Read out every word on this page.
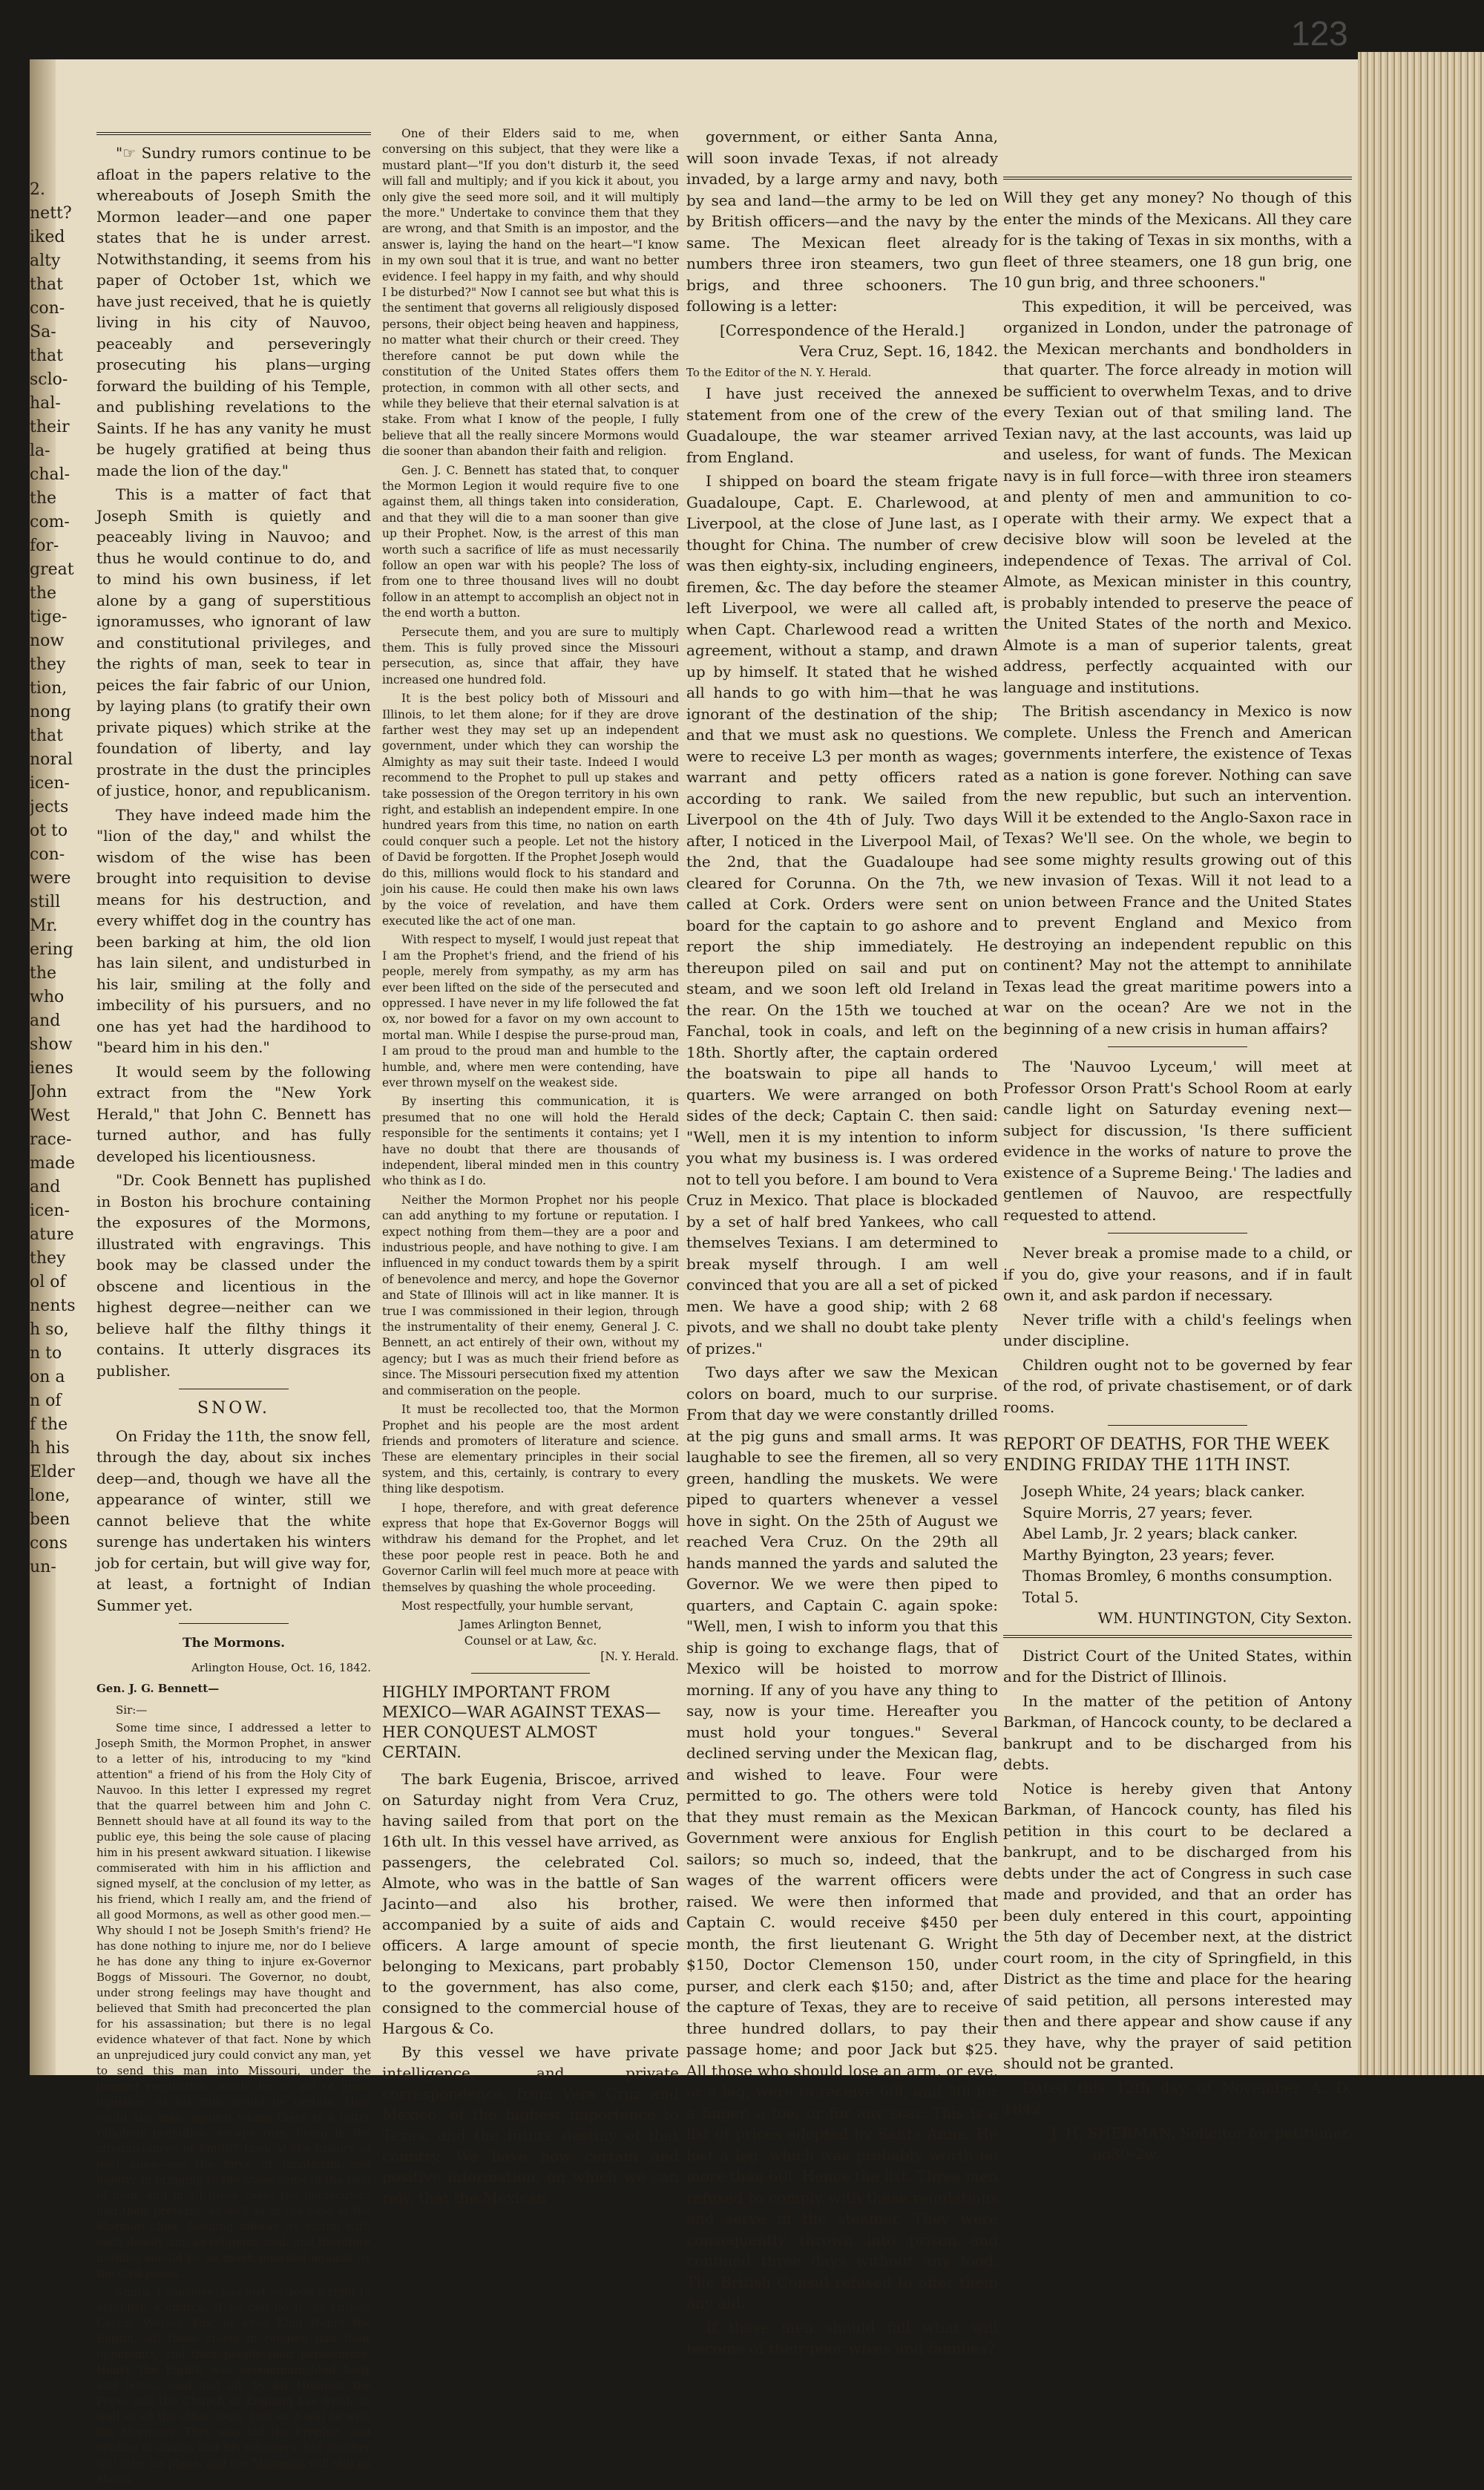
2.
nett?
iked
alty
that
con-
Sa-
that
sclo-
hal-
their
la-
chal-
the
com-
for-
great
the
tige-
now
they
tion,
nong
that
noral
icen-
jects
ot to
con-
were
still
Mr.
ering
the
who
and
show
ienes
John
West
race-
made
and
icen-
ature
they
ol of
nents
h so,
n to
on a
n of
f the
h his
Elder
lone,
been
cons
un-

"☞ Sundry rumors continue to be afloat in the papers relative to the whereabouts of Joseph Smith the Mormon leader—and one paper states that he is under arrest. Notwithstanding, it seems from his paper of October 1st, which we have just received, that he is quietly living in his city of Nauvoo, peaceably and perseveringly prosecuting his plans—urging forward the building of his Temple, and publishing revelations to the Saints. If he has any vanity he must be hugely gratified at being thus made the lion of the day."

This is a matter of fact that Joseph Smith is quietly and peaceably living in Nauvoo; and thus he would continue to do, and to mind his own business, if let alone by a gang of superstitious ignoramusses, who ignorant of law and constitutional privileges, and the rights of man, seek to tear in peices the fair fabric of our Union, by laying plans (to gratify their own private piques) which strike at the foundation of liberty, and lay prostrate in the dust the principles of justice, honor, and republicanism.

They have indeed made him the "lion of the day," and whilst the wisdom of the wise has been brought into requisition to devise means for his destruction, and every whiffet dog in the country has been barking at him, the old lion has lain silent, and undisturbed in his lair, smiling at the folly and imbecility of his pursuers, and no one has yet had the hardihood to "beard him in his den."

It would seem by the following extract from the "New York Herald," that John C. Bennett has turned author, and has fully developed his licentiousness.

"Dr. Cook Bennett has puplished in Boston his brochure containing the exposures of the Mormons, illustrated with engravings. This book may be classed under the obscene and licentious in the highest degree—neither can we believe half the filthy things it contains. It utterly disgraces its publisher.

SNOW.

On Friday the 11th, the snow fell, through the day, about six inches deep—and, though we have all the appearance of winter, still we cannot believe that the white surenge has undertaken his winters job for certain, but will give way for, at least, a fortnight of Indian Summer yet.

The Mormons.
Arlington House, Oct. 16, 1842.
Gen. J. G. Bennett—
Sir:—

Some time since, I addressed a letter to Joseph Smith, the Mormon Prophet, in answer to a letter of his, introducing to my "kind attention" a friend of his from the Holy City of Nauvoo. In this letter I expressed my regret that the quarrel between him and John C. Bennett should have at all found its way to the public eye, this being the sole cause of placing him in his present awkward situation. I likewise commiserated with him in his affliction and signed myself, at the conclusion of my letter, as his friend, which I really am, and the friend of all good Mormons, as well as other good men.—Why should I not be Joseph Smith's friend? He has done nothing to injure me, nor do I believe he has done any thing to injure ex-Governor Boggs of Missouri. The Governor, no doubt, under strong feelings may have thought and believed that Smith had preconcerted the plan for his assassination; but there is no legal evidence whatever of that fact. None by which an unprejudiced jury could convict any man, yet to send this man into Missouri, under the present requisition, would be an act of great injustice, as his ruin would be certain. How could any man, against whom there is a bitter religious prejudice, escape ruin, being in the circumstances of Smith? Look at the history of past ages—see the force of fanaticism and bigotry in bringing to the stake some of the best of men; and in all these cases the persecutors had their pretexts, as well as in the case of the Mormon chief. Nothing follows its victim with such deadly aim as religious zeal, and therefore nothing should be so much guarded against by the civil power.

Smith, I conceive, has just as good a right to establish a church, if he can do it, as Luther, Calvin, Wesley, Fox, or even King Henry the Eighth. All these chiefs in religion had their opponents, and their people their persecutors. Henry the Eighth was excommunicated body and bones, soul and all, by his Holiness the Pope; still the Church of England has lived, as well as all the other sects. Just so it will be with the Mormons. They may kill the Prophet, and confine in chains half his followers, but another will take his place, and the Mormons will still go ahead.

One of their Elders said to me, when conversing on this subject, that they were like a mustard plant—"If you don't disturb it, the seed will fall and multiply; and if you kick it about, you only give the seed more soil, and it will multiply the more." Undertake to convince them that they are wrong, and that Smith is an impostor, and the answer is, laying the hand on the heart—"I know in my own soul that it is true, and want no better evidence. I feel happy in my faith, and why should I be disturbed?" Now I cannot see but what this is the sentiment that governs all religiously disposed persons, their object being heaven and happiness, no matter what their church or their creed. They therefore cannot be put down while the constitution of the United States offers them protection, in common with all other sects, and while they believe that their eternal salvation is at stake. From what I know of the people, I fully believe that all the really sincere Mormons would die sooner than abandon their faith and religion.

Gen. J. C. Bennett has stated that, to conquer the Mormon Legion it would require five to one against them, all things taken into consideration, and that they will die to a man sooner than give up their Prophet. Now, is the arrest of this man worth such a sacrifice of life as must necessarily follow an open war with his people? The loss of from one to three thousand lives will no doubt follow in an attempt to accomplish an object not in the end worth a button.

Persecute them, and you are sure to multiply them. This is fully proved since the Missouri persecution, as, since that affair, they have increased one hundred fold.

It is the best policy both of Missouri and Illinois, to let them alone; for if they are drove farther west they may set up an independent government, under which they can worship the Almighty as may suit their taste. Indeed I would recommend to the Prophet to pull up stakes and take possession of the Oregon territory in his own right, and establish an independent empire. In one hundred years from this time, no nation on earth could conquer such a people. Let not the history of David be forgotten. If the Prophet Joseph would do this, millions would flock to his standard and join his cause. He could then make his own laws by the voice of revelation, and have them executed like the act of one man.

With respect to myself, I would just repeat that I am the Prophet's friend, and the friend of his people, merely from sympathy, as my arm has ever been lifted on the side of the persecuted and oppressed. I have never in my life followed the fat ox, nor bowed for a favor on my own account to mortal man. While I despise the purse-proud man, I am proud to the proud man and humble to the humble, and, where men were contending, have ever thrown myself on the weakest side.

By inserting this communication, it is presumed that no one will hold the Herald responsible for the sentiments it contains; yet I have no doubt that there are thousands of independent, liberal minded men in this country who think as I do.

Neither the Mormon Prophet nor his people can add anything to my fortune or reputation. I expect nothing from them—they are a poor and industrious people, and have nothing to give. I am influenced in my conduct towards them by a spirit of benevolence and mercy, and hope the Governor and State of Illinois will act in like manner. It is true I was commissioned in their legion, through the instrumentality of their enemy, General J. C. Bennett, an act entirely of their own, without my agency; but I was as much their friend before as since. The Missouri persecution fixed my attention and commiseration on the people.

It must be recollected too, that the Mormon Prophet and his people are the most ardent friends and promoters of literature and science. These are elementary principles in their social system, and this, certainly, is contrary to every thing like despotism.

I hope, therefore, and with great deference express that hope that Ex-Governor Boggs will withdraw his demand for the Prophet, and let these poor people rest in peace. Both he and Governor Carlin will feel much more at peace with themselves by quashing the whole proceeding.

Most respectfully, your humble servant,

James Arlington Bennet,
Counsel or at Law, &c.
[N. Y. Herald.
HIGHLY IMPORTANT FROM MEXICO—WAR AGAINST TEXAS—HER CONQUEST ALMOST CERTAIN.

The bark Eugenia, Briscoe, arrived on Saturday night from Vera Cruz, having sailed from that port on the 16th ult. In this vessel have arrived, as passengers, the celebrated Col. Almote, who was in the battle of San Jacinto—and also his brother, accompanied by a suite of aids and officers. A large amount of specie belonging to Mexicans, part probably to the government, has also come, consigned to the commercial house of Hargous & Co.

By this vessel we have private intelligence, and private correspondence, from Vera Cruz and Mexico, of the highest importance to Texas, and the future destiny of that country. We have now certain and positive information, on which we can rely, that the Mexican

government, or either Santa Anna, will soon invade Texas, if not already invaded, by a large army and navy, both by sea and land—the army to be led on by British officers—and the navy by the same. The Mexican fleet already numbers three iron steamers, two gun brigs, and three schooners. The following is a letter:

[Correspondence of the Herald.]
Vera Cruz, Sept. 16, 1842.
To the Editor of the N. Y. Herald.

I have just received the annexed statement from one of the crew of the Guadaloupe, the war steamer arrived from England.

I shipped on board the steam frigate Guadaloupe, Capt. E. Charlewood, at Liverpool, at the close of June last, as I thought for China. The number of crew was then eighty-six, including engineers, firemen, &c. The day before the steamer left Liverpool, we were all called aft, when Capt. Charlewood read a written agreement, without a stamp, and drawn up by himself. It stated that he wished all hands to go with him—that he was ignorant of the destination of the ship; and that we must ask no questions. We were to receive L3 per month as wages; warrant and petty officers rated according to rank. We sailed from Liverpool on the 4th of July. Two days after, I noticed in the Liverpool Mail, of the 2nd, that the Guadaloupe had cleared for Corunna. On the 7th, we called at Cork. Orders were sent on board for the captain to go ashore and report the ship immediately. He thereupon piled on sail and put on steam, and we soon left old Ireland in the rear. On the 15th we touched at Fanchal, took in coals, and left on the 18th. Shortly after, the captain ordered the boatswain to pipe all hands to quarters. We were arranged on both sides of the deck; Captain C. then said: "Well, men it is my intention to inform you what my business is. I was ordered not to tell you before. I am bound to Vera Cruz in Mexico. That place is blockaded by a set of half bred Yankees, who call themselves Texians. I am determined to break myself through. I am well convinced that you are all a set of picked men. We have a good ship; with 2 68 pivots, and we shall no doubt take plenty of prizes."

Two days after we saw the Mexican colors on board, much to our surprise. From that day we were constantly drilled at the pig guns and small arms. It was laughable to see the firemen, all so very green, handling the muskets. We were piped to quarters whenever a vessel hove in sight. On the 25th of August we reached Vera Cruz. On the 29th all hands manned the yards and saluted the Governor. We we were then piped to quarters, and Captain C. again spoke: "Well, men, I wish to inform you that this ship is going to exchange flags, that of Mexico will be hoisted to morrow morning. If any of you have any thing to say, now is your time. Hereafter you must hold your tongues." Several declined serving under the Mexican flag, and wished to leave. Four were permitted to go. The others were told that they must remain as the Mexican Government were anxious for English sailors; so much so, indeed, that the wages of the warrent officers were raised. We were then informed that Captain C. would receive $450 per month, the first lieutenant G. Wright $150, Doctor Clemenson 150, under purser, and clerk each $150; and, after the capture of Texas, they are to receive three hundred dollars, to pay their passage home; and poor Jack but $25. All those who should lose an arm, or eye, or a leg, were to receive 60l, and 30l for a finger, a toe, or for any scar. This is a list of prices adopted by Santa Anna. He lost a leg, which was probably worth no more than 60l. Hence the list. Three men refused to comply with these regulations and serve in the steamer. They were consequently thrown into prison and confined three days without any food. The British Consul refused to offer them any aid.

If these men should fall what will become of their poor wives and families?

Will they get any money? No though of this enter the minds of the Mexicans. All they care for is the taking of Texas in six months, with a fleet of three steamers, one 18 gun brig, one 10 gun brig, and three schooners."

This expedition, it will be perceived, was organized in London, under the patronage of the Mexican merchants and bondholders in that quarter. The force already in motion will be sufficient to overwhelm Texas, and to drive every Texian out of that smiling land. The Texian navy, at the last accounts, was laid up and useless, for want of funds. The Mexican navy is in full force—with three iron steamers and plenty of men and ammunition to co-operate with their army. We expect that a decisive blow will soon be leveled at the independence of Texas. The arrival of Col. Almote, as Mexican minister in this country, is probably intended to preserve the peace of the United States of the north and Mexico. Almote is a man of superior talents, great address, perfectly acquainted with our language and institutions.

The British ascendancy in Mexico is now complete. Unless the French and American governments interfere, the existence of Texas as a nation is gone forever. Nothing can save the new republic, but such an intervention. Will it be extended to the Anglo-Saxon race in Texas? We'll see. On the whole, we begin to see some mighty results growing out of this new invasion of Texas. Will it not lead to a union between France and the United States to prevent England and Mexico from destroying an independent republic on this continent? May not the attempt to annihilate Texas lead the great maritime powers into a war on the ocean? Are we not in the beginning of a new crisis in human affairs?

The 'Nauvoo Lyceum,' will meet at Professor Orson Pratt's School Room at early candle light on Saturday evening next—subject for discussion, 'Is there sufficient evidence in the works of nature to prove the existence of a Supreme Being.' The ladies and gentlemen of Nauvoo, are respectfully requested to attend.

Never break a promise made to a child, or if you do, give your reasons, and if in fault own it, and ask pardon if necessary.

Never trifle with a child's feelings when under discipline.

Children ought not to be governed by fear of the rod, of private chastisement, or of dark rooms.

REPORT OF DEATHS, FOR THE WEEK ENDING FRIDAY THE 11TH INST.
Joseph White, 24 years; black canker.
Squire Morris, 27 years; fever.
Abel Lamb, Jr. 2 years; black canker.
Marthy Byington, 23 years; fever.
Thomas Bromley, 6 months consumption.
Total 5.
WM. HUNTINGTON, City Sexton.

District Court of the United States, within and for the District of Illinois.

In the matter of the petition of Antony Barkman, of Hancock county, to be declared a bankrupt and to be discharged from his debts.

Notice is hereby given that Antony Barkman, of Hancock county, has filed his petition in this court to be declared a bankrupt, and to be discharged from his debts under the act of Congress in such case made and provided, and that an order has been duly entered in this court, appointing the 5th day of December next, at the district court room, in the city of Springfield, in this District as the time and place for the hearing of said petition, all persons interested may then and there appear and show cause if any they have, why the prayer of said petition should not be granted.

Dated this 12th day of November A. D. 1842.

J. H. SHERMAN, Solicitor for petitioner.
no30-2w.
123
